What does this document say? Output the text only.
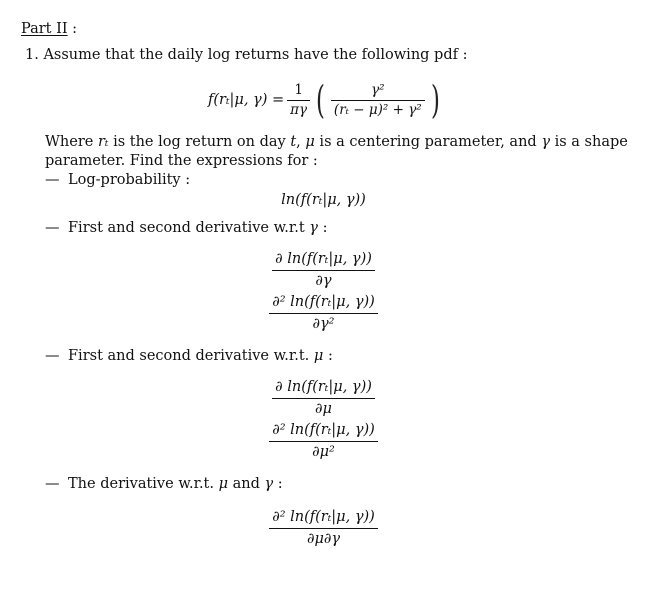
Part II :
1. Assume that the daily log returns have the following pdf :
f(rₜ|μ, $\gamma) = \frac{1}{\pi\gamma}$ ( $\frac{\text{γ²}}{\text{(rₜ − μ)² + γ²}}$ )
Where rₜ is the log return on day t, μ is a centering parameter, and γ is a shape
parameter. Find the expressions for :
— Log-probability :
ln(f(rₜ|μ, γ))
— First and second derivative w.r.t γ :
$\frac{\text{∂ ln(f(rₜ|μ, γ))}}{\partial\gamma}$
$\frac{\text{∂² ln(f(rₜ|μ, γ))}}{\text{∂γ²}}$
— First and second derivative w.r.t. μ :
$\frac{\text{∂ ln(f(rₜ|μ, γ))}}{\partial\mu}$
$\frac{\text{∂² ln(f(rₜ|μ, γ))}}{\text{∂μ²}}$
— The derivative w.r.t. μ and γ :
$\frac{\text{∂² ln(f(rₜ|μ, γ))}}{\partial\mu\partial\gamma}$
